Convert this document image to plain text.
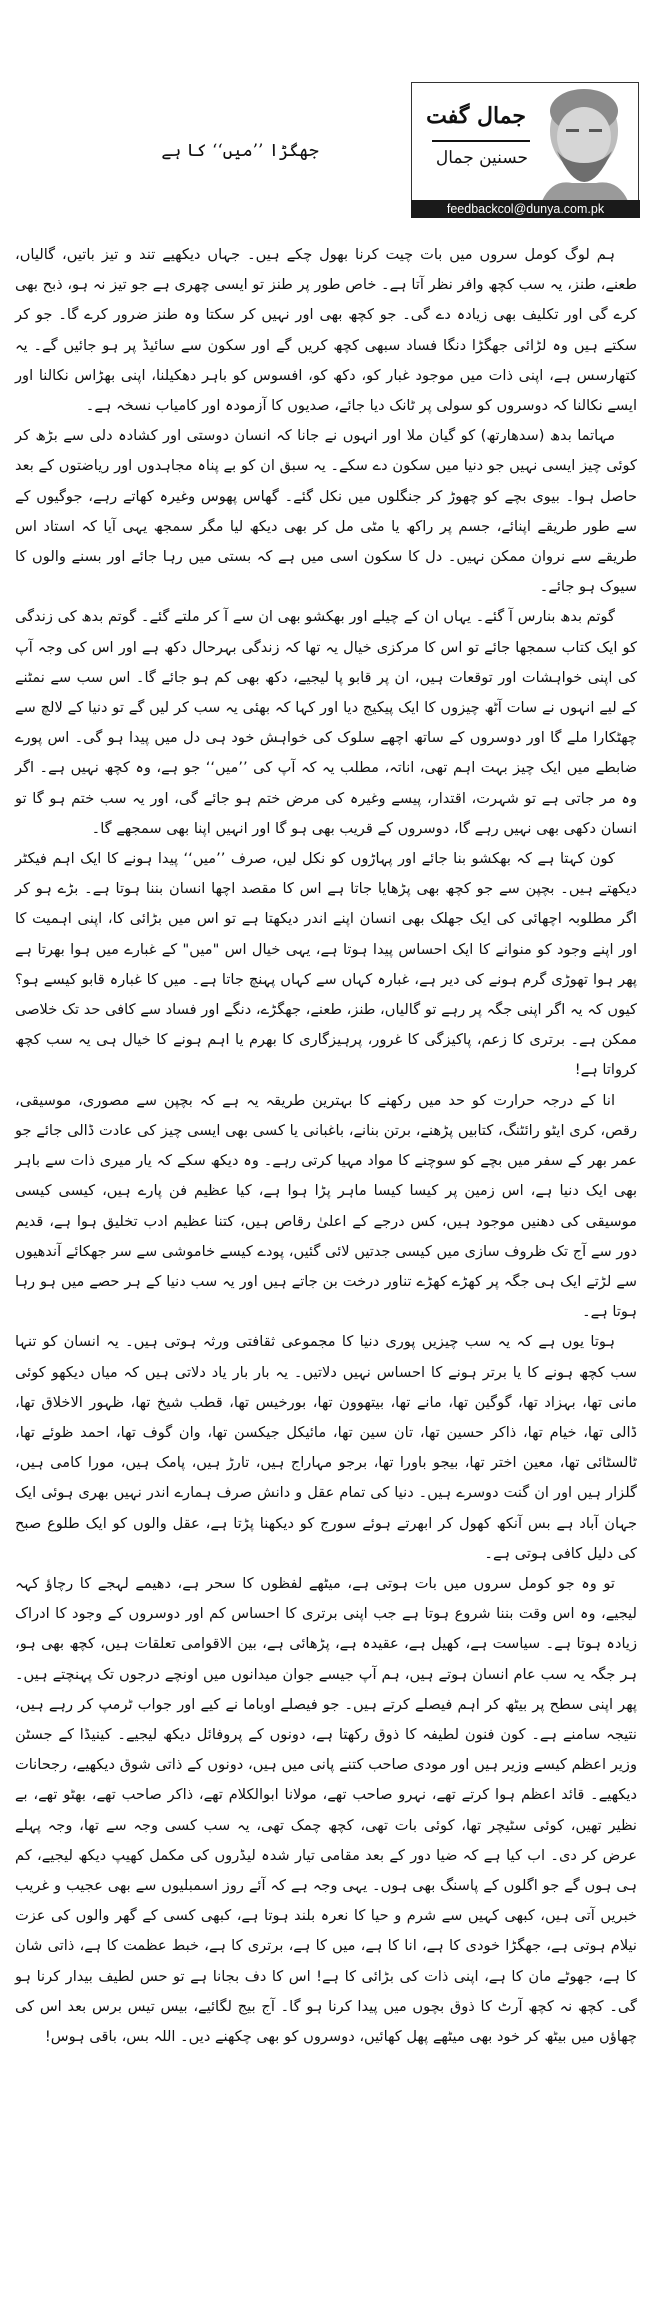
جمال گفت
حسنین جمال
feedbackcol@dunya.com.pk
جھگڑا ’’میں‘‘ کا ہے

ہم لوگ کومل سروں میں بات چیت کرنا بھول چکے ہیں۔ جہاں دیکھیے تند و تیز باتیں، گالیاں، طعنے، طنز، یہ سب کچھ وافر نظر آتا ہے۔ خاص طور پر طنز تو ایسی چھری ہے جو تیز نہ ہو، ذبح بھی کرے گی اور تکلیف بھی زیادہ دے گی۔ جو کچھ بھی اور نہیں کر سکتا وہ طنز ضرور کرے گا۔ جو کر سکتے ہیں وہ لڑائی جھگڑا دنگا فساد سبھی کچھ کریں گے اور سکون سے سائیڈ پر ہو جائیں گے۔ یہ کتھارسس ہے، اپنی ذات میں موجود غبار کو، دکھ کو، افسوس کو باہر دھکیلنا، اپنی بھڑاس نکالنا اور ایسے نکالنا کہ دوسروں کو سولی پر ٹانک دیا جائے، صدیوں کا آزمودہ اور کامیاب نسخہ ہے۔

مہاتما بدھ (سدھارتھ) کو گیان ملا اور انہوں نے جانا کہ انسان دوستی اور کشادہ دلی سے بڑھ کر کوئی چیز ایسی نہیں جو دنیا میں سکون دے سکے۔ یہ سبق ان کو بے پناہ مجاہدوں اور ریاضتوں کے بعد حاصل ہوا۔ بیوی بچے کو چھوڑ کر جنگلوں میں نکل گئے۔ گھاس پھوس وغیرہ کھاتے رہے، جوگیوں کے سے طور طریقے اپنائے، جسم پر راکھ یا مٹی مل کر بھی دیکھ لیا مگر سمجھ یہی آیا کہ استاد اس طریقے سے نروان ممکن نہیں۔ دل کا سکون اسی میں ہے کہ بستی میں رہا جائے اور بسنے والوں کا سیوک ہو جائے۔

گوتم بدھ بنارس آ گئے۔ یہاں ان کے چیلے اور بھکشو بھی ان سے آ کر ملتے گئے۔ گوتم بدھ کی زندگی کو ایک کتاب سمجھا جائے تو اس کا مرکزی خیال یہ تھا کہ زندگی بہرحال دکھ ہے اور اس کی وجہ آپ کی اپنی خواہشات اور توقعات ہیں، ان پر قابو پا لیجیے، دکھ بھی کم ہو جائے گا۔ اس سب سے نمٹنے کے لیے انہوں نے سات آٹھ چیزوں کا ایک پیکیج دیا اور کہا کہ بھئی یہ سب کر لیں گے تو دنیا کے لالچ سے چھٹکارا ملے گا اور دوسروں کے ساتھ اچھے سلوک کی خواہش خود ہی دل میں پیدا ہو گی۔ اس پورے ضابطے میں ایک چیز بہت اہم تھی، اناتہ، مطلب یہ کہ آپ کی ’’میں‘‘ جو ہے، وہ کچھ نہیں ہے۔ اگر وہ مر جاتی ہے تو شہرت، اقتدار، پیسے وغیرہ کی مرض ختم ہو جائے گی، اور یہ سب ختم ہو گا تو انسان دکھی بھی نہیں رہے گا، دوسروں کے قریب بھی ہو گا اور انہیں اپنا بھی سمجھے گا۔

کون کہتا ہے کہ بھکشو بنا جائے اور پہاڑوں کو نکل لیں، صرف ’’میں‘‘ پیدا ہونے کا ایک اہم فیکٹر دیکھتے ہیں۔ بچپن سے جو کچھ بھی پڑھایا جاتا ہے اس کا مقصد اچھا انسان بننا ہوتا ہے۔ بڑے ہو کر اگر مطلوبہ اچھائی کی ایک جھلک بھی انسان اپنے اندر دیکھتا ہے تو اس میں بڑائی کا، اپنی اہمیت کا اور اپنے وجود کو منوانے کا ایک احساس پیدا ہوتا ہے، یہی خیال اس "میں" کے غبارے میں ہوا بھرتا ہے پھر ہوا تھوڑی گرم ہونے کی دیر ہے، غبارہ کہاں سے کہاں پہنچ جاتا ہے۔ میں کا غبارہ قابو کیسے ہو؟ کیوں کہ یہ اگر اپنی جگہ پر رہے تو گالیاں، طنز، طعنے، جھگڑے، دنگے اور فساد سے کافی حد تک خلاصی ممکن ہے۔ برتری کا زعم، پاکیزگی کا غرور، پرہیزگاری کا بھرم یا اہم ہونے کا خیال ہی یہ سب کچھ کرواتا ہے!

انا کے درجہ حرارت کو حد میں رکھنے کا بہترین طریقہ یہ ہے کہ بچپن سے مصوری، موسیقی، رقص، کری ایٹو رائٹنگ، کتابیں پڑھنے، برتن بنانے، باغبانی یا کسی بھی ایسی چیز کی عادت ڈالی جائے جو عمر بھر کے سفر میں بچے کو سوچنے کا مواد مہیا کرتی رہے۔ وہ دیکھ سکے کہ یار میری ذات سے باہر بھی ایک دنیا ہے، اس زمین پر کیسا کیسا ماہر پڑا ہوا ہے، کیا عظیم فن پارے ہیں، کیسی کیسی موسیقی کی دھنیں موجود ہیں، کس درجے کے اعلیٰ رقاص ہیں، کتنا عظیم ادب تخلیق ہوا ہے، قدیم دور سے آج تک ظروف سازی میں کیسی جدتیں لائی گئیں، پودے کیسے خاموشی سے سر جھکائے آندھیوں سے لڑتے ایک ہی جگہ پر کھڑے کھڑے تناور درخت بن جاتے ہیں اور یہ سب دنیا کے ہر حصے میں ہو رہا ہوتا ہے۔

ہوتا یوں ہے کہ یہ سب چیزیں پوری دنیا کا مجموعی ثقافتی ورثہ ہوتی ہیں۔ یہ انسان کو تنہا سب کچھ ہونے کا یا برتر ہونے کا احساس نہیں دلاتیں۔ یہ بار بار یاد دلاتی ہیں کہ میاں دیکھو کوئی مانی تھا، بہزاد تھا، گوگین تھا، مانے تھا، بیتھوون تھا، بورخیس تھا، قطب شیخ تھا، ظہور الاخلاق تھا، ڈالی تھا، خیام تھا، ذاکر حسین تھا، تان سین تھا، مائیکل جیکسن تھا، وان گوف تھا، احمد ظوئے تھا، ٹالسٹائی تھا، معین اختر تھا، بیجو باورا تھا، برجو مہاراج ہیں، تارڑ ہیں، پامک ہیں، مورا کامی ہیں، گلزار ہیں اور ان گنت دوسرے ہیں۔ دنیا کی تمام عقل و دانش صرف ہمارے اندر نہیں بھری ہوئی ایک جہان آباد ہے بس آنکھ کھول کر ابھرتے ہوئے سورج کو دیکھنا پڑتا ہے، عقل والوں کو ایک طلوع صبح کی دلیل کافی ہوتی ہے۔

تو وہ جو کومل سروں میں بات ہوتی ہے، میٹھے لفظوں کا سحر ہے، دھیمے لہجے کا رچاؤ کہہ لیجیے، وہ اس وقت بننا شروع ہوتا ہے جب اپنی برتری کا احساس کم اور دوسروں کے وجود کا ادراک زیادہ ہوتا ہے۔ سیاست ہے، کھیل ہے، عقیدہ ہے، پڑھائی ہے، بین الاقوامی تعلقات ہیں، کچھ بھی ہو، ہر جگہ یہ سب عام انسان ہوتے ہیں، ہم آپ جیسے جوان میدانوں میں اونچے درجوں تک پہنچتے ہیں۔ پھر اپنی سطح پر بیٹھ کر اہم فیصلے کرتے ہیں۔ جو فیصلے اوباما نے کیے اور جواب ٹرمپ کر رہے ہیں، نتیجہ سامنے ہے۔ کون فنون لطیفہ کا ذوق رکھتا ہے، دونوں کے پروفائل دیکھ لیجیے۔ کینیڈا کے جسٹن وزیر اعظم کیسے وزیر ہیں اور مودی صاحب کتنے پانی میں ہیں، دونوں کے ذاتی شوق دیکھیے، رجحانات دیکھیے۔ قائد اعظم ہوا کرتے تھے، نہرو صاحب تھے، مولانا ابوالکلام تھے، ذاکر صاحب تھے، بھٹو تھے، بے نظیر تھیں، کوئی سٹیچر تھا، کوئی بات تھی، کچھ چمک تھی، یہ سب کسی وجہ سے تھا، وجہ پہلے عرض کر دی۔ اب کیا ہے کہ ضیا دور کے بعد مقامی تیار شدہ لیڈروں کی مکمل کھیپ دیکھ لیجیے، کم ہی ہوں گے جو اگلوں کے پاسنگ بھی ہوں۔ یہی وجہ ہے کہ آئے روز اسمبلیوں سے بھی عجیب و غریب خبریں آتی ہیں، کبھی کہیں سے شرم و حیا کا نعرہ بلند ہوتا ہے، کبھی کسی کے گھر والوں کی عزت نیلام ہوتی ہے، جھگڑا خودی کا ہے، انا کا ہے، میں کا ہے، برتری کا ہے، خبط عظمت کا ہے، ذاتی شان کا ہے، جھوٹے مان کا ہے، اپنی ذات کی بڑائی کا ہے! اس کا دف بجانا ہے تو حس لطیف بیدار کرنا ہو گی۔ کچھ نہ کچھ آرٹ کا ذوق بچوں میں پیدا کرنا ہو گا۔ آج بیج لگائیے، بیس تیس برس بعد اس کی چھاؤں میں بیٹھ کر خود بھی میٹھے پھل کھائیں، دوسروں کو بھی چکھنے دیں۔ اللہ بس، باقی ہوس!
